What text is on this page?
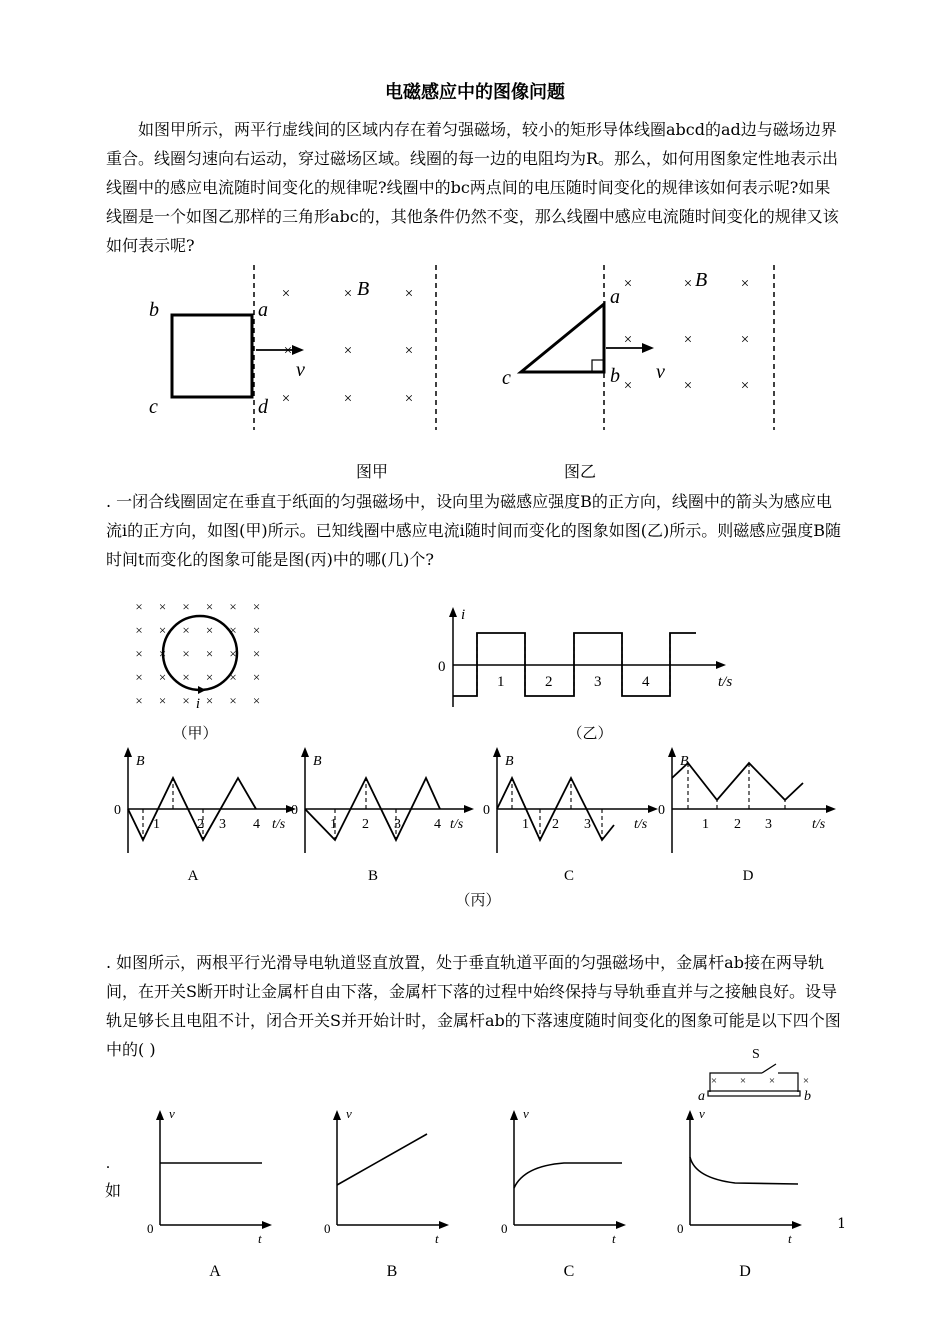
电磁感应中的图像问题
如图甲所示，两平行虚线间的区域内存在着匀强磁场，较小的矩形导体线圈abcd的ad边与磁场边界重合。线圈匀速向右运动，穿过磁场区域。线圈的每一边的电阻均为R。那么，如何用图象定性地表示出线圈中的感应电流随时间变化的规律呢?线圈中的bc两点间的电压随时间变化的规律该如何表示呢?如果线圈是一个如图乙那样的三角形abc的，其他条件仍然不变，那么线圈中感应电流随时间变化的规律又该如何表示呢?
×	×	×
×	×	×
×	×	×
a
b
c	d
v
B	×	×	×
×	×	×
×	×	×
a
b
c	v
B
图甲	图乙
. 一闭合线圈固定在垂直于纸面的匀强磁场中，设向里为磁感应强度B的正方向，线圈中的箭头为感应电流i的正方向，如图(甲)所示。已知线圈中感应电流i随时间而变化的图象如图(乙)所示。则磁感应强度B随时间t而变化的图象可能是图(丙)中的哪(几)个?
× × × × × ×
× × × × × ×
× × × × × ×
× × × × × ×
× × × × × ×
i
（甲）
i
0
1	2	3	4	t/s
（乙）
B
0
1	2 3 4 t/s
A
B
0
1 2 3 4 t/s
B
B
0
1 2 3	t/s
C
B
0
1 2 3	t/s
D
（丙）
. 如图所示，两根平行光滑导电轨道竖直放置，处于垂直轨道平面的匀强磁场中，金属杆ab接在两导轨间，在开关S断开时让金属杆自由下落，金属杆下落的过程中始终保持与导轨垂直并与之接触良好。设导轨足够长且电阻不计，闭合开关S并开始计时，金属杆ab的下落速度随时间变化的图象可能是以下四个图中的( )	S
× × ×	×
a	b
v
0
t
A
v
0
t
B
v
0
t
C
v
0
t
D
.
如
1
